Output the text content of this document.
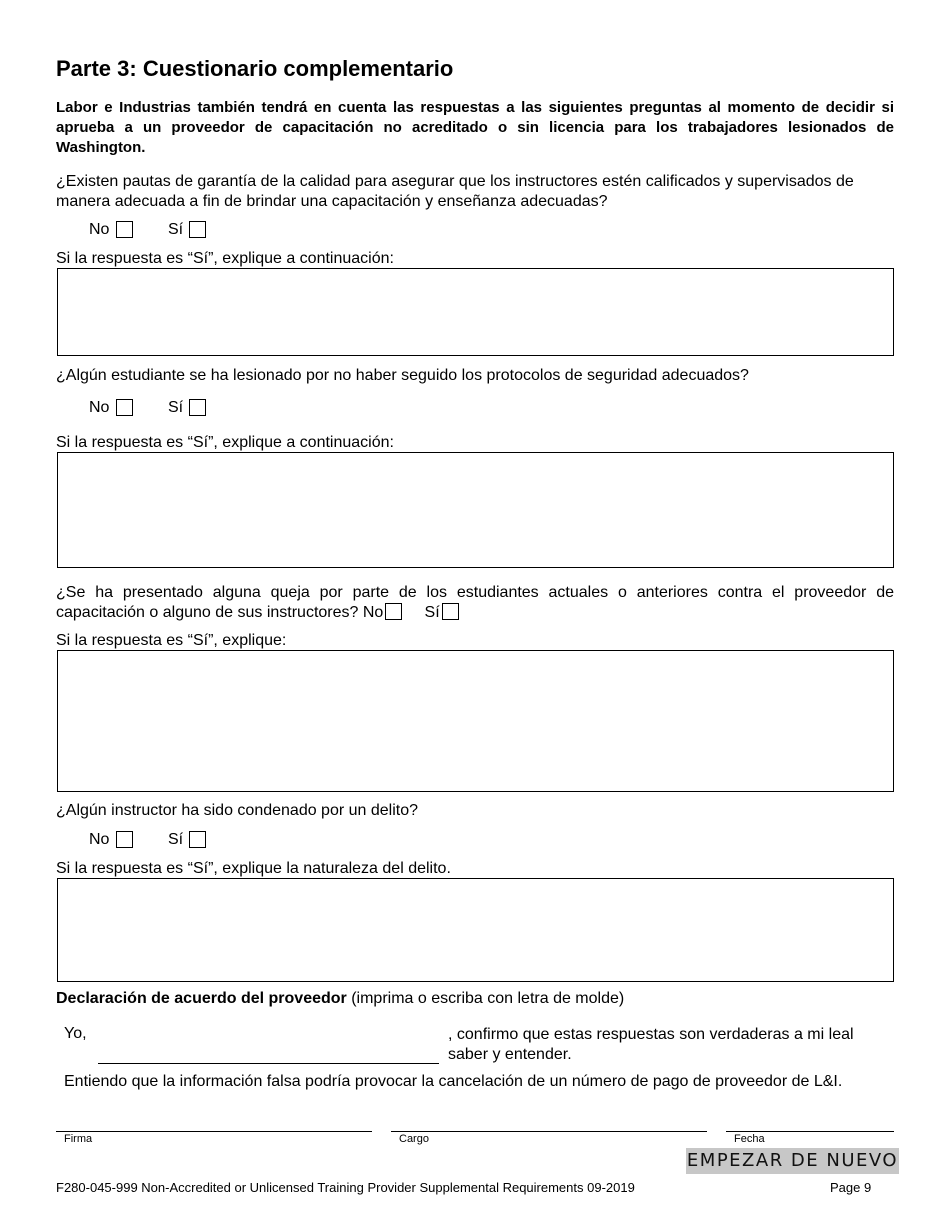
Parte 3: Cuestionario complementario
Labor e Industrias también tendrá en cuenta las respuestas a las siguientes preguntas al momento de decidir si aprueba a un proveedor de capacitación no acreditado o sin licencia para los trabajadores lesionados de Washington.
¿Existen pautas de garantía de la calidad para asegurar que los instructores estén calificados y supervisados de manera adecuada a fin de brindar una capacitación y enseñanza adecuadas?
No	Sí
Si la respuesta es “Sí”, explique a continuación:
¿Algún estudiante se ha lesionado por no haber seguido los protocolos de seguridad adecuados?
No	Sí
Si la respuesta es “Sí”, explique a continuación:
¿Se ha presentado alguna queja por parte de los estudiantes actuales o anteriores contra el proveedor de capacitación o alguno de sus instructores? No	Sí
Si la respuesta es “Sí”, explique:
¿Algún instructor ha sido condenado por un delito?
No	Sí
Si la respuesta es “Sí”, explique la naturaleza del delito.
Declaración de acuerdo del proveedor (imprima o escriba con letra de molde)
Yo,	, confirmo que estas respuestas son verdaderas a mi leal saber y entender.
Entiendo que la información falsa podría provocar la cancelación de un número de pago de proveedor de L&I.
Firma	Cargo	Fecha
EMPEZAR DE NUEVO
F280-045-999 Non-Accredited or Unlicensed Training Provider Supplemental Requirements 09-2019	Page 9
